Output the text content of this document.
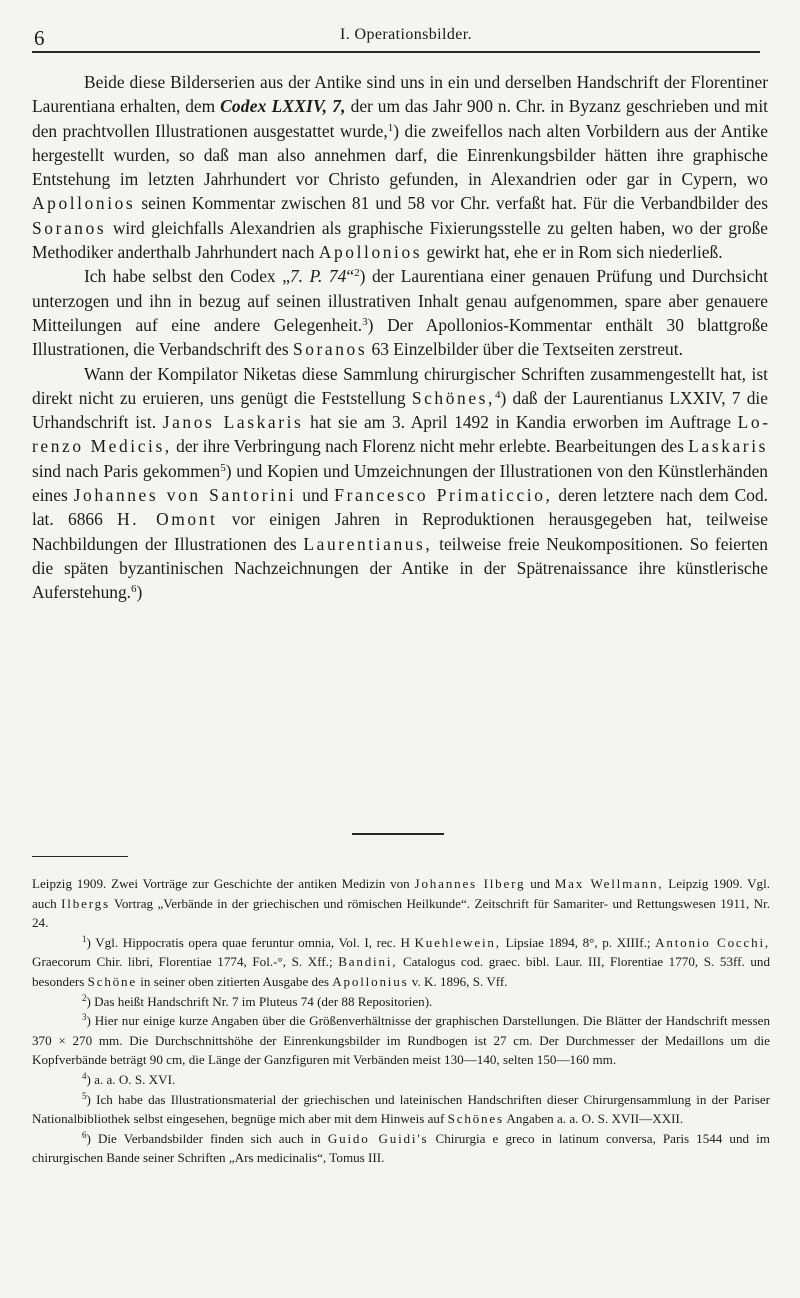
6	I. Operationsbilder.

Beide diese Bilderserien aus der Antike sind uns in ein und derselben Handschrift der Florentiner Laurentiana erhalten, dem Codex LXXIV, 7, der um das Jahr 900 n. Chr. in Byzanz geschrieben und mit den prachtvollen Illustrationen ausgestattet wurde,$^1$) die zweifellos nach alten Vorbildern aus der Antike hergestellt wurden, so daß man also annehmen darf, die Einrenkungsbilder hätten ihre graphische Entstehung im letzten Jahrhundert vor Christo gefunden, in Alexandrien oder gar in Cypern, wo Apollonios seinen Kommentar zwischen 81 und 58 vor Chr. verfaßt hat. Für die Verbandbilder des Soranos wird gleichfalls Alexandrien als graphische Fixierungsstelle zu gelten haben, wo der große Methodiker anderthalb Jahrhundert nach Apollonios gewirkt hat, ehe er in Rom sich niederließ.

Ich habe selbst den Codex „7. P. 74“$^2$) der Laurentiana einer genauen Prüfung und Durchsicht unterzogen und ihn in bezug auf seinen illustrativen Inhalt genau aufgenommen, spare aber genauere Mitteilungen auf eine andere Gelegenheit.$^3$) Der Apollonios-Kommentar enthält 30 blattgroße Illustrationen, die Verbandschrift des Soranos 63 Einzelbilder über die Textseiten zerstreut.

Wann der Kompilator Niketas diese Sammlung chirurgischer Schriften zusammengestellt hat, ist direkt nicht zu eruieren, uns genügt die Feststellung Schönes,$^4$) daß der Laurentianus LXXIV, 7 die Urhandschrift ist. Janos Laskaris hat sie am 3. April 1492 in Kandia erworben im Auftrage Lorenzo Medicis, der ihre Verbringung nach Florenz nicht mehr erlebte. Bearbeitungen des Laskaris sind nach Paris gekommen$^5$) und Kopien und Umzeichnungen der Illustrationen von den Künstlerhänden eines Johannes von Santorini und Francesco Primaticcio, deren letztere nach dem Cod. lat. 6866 H. Omont vor einigen Jahren in Reproduktionen herausgegeben hat, teilweise Nachbildungen der Illustrationen des Laurentianus, teilweise freie Neukompositionen. So feierten die späten byzantinischen Nachzeichnungen der Antike in der Spätrenaissance ihre künstlerische Auferstehung.$^6$)

Leipzig 1909. Zwei Vorträge zur Geschichte der antiken Medizin von Johannes Ilberg und Max Wellmann, Leipzig 1909. Vgl. auch Ilbergs Vortrag „Verbände in der griechischen und römischen Heilkunde“. Zeitschrift für Samariter- und Rettungswesen 1911, Nr. 24.

$^1$) Vgl. Hippocratis opera quae feruntur omnia, Vol. I, rec. H Kuehlewein, Lipsiae 1894, 8°, p. XIIIf.; Antonio Cocchi, Graecorum Chir. libri, Florentiae 1774, Fol.-°, S. Xff.; Bandini, Catalogus cod. graec. bibl. Laur. III, Florentiae 1770, S. 53ff. und besonders Schöne in seiner oben zitierten Ausgabe des Apollonius v. K. 1896, S. Vff.

$^2$) Das heißt Handschrift Nr. 7 im Pluteus 74 (der 88 Repositorien).

$^3$) Hier nur einige kurze Angaben über die Größenverhältnisse der graphischen Darstellungen. Die Blätter der Handschrift messen 370 × 270 mm. Die Durchschnittshöhe der Einrenkungsbilder im Rundbogen ist 27 cm. Der Durchmesser der Medaillons um die Kopfverbände beträgt 90 cm, die Länge der Ganzfiguren mit Verbänden meist 130—140, selten 150—160 mm.

$^4$) a. a. O. S. XVI.

$^5$) Ich habe das Illustrationsmaterial der griechischen und lateinischen Handschriften dieser Chirurgensammlung in der Pariser Nationalbibliothek selbst eingesehen, begnüge mich aber mit dem Hinweis auf Schönes Angaben a. a. O. S. XVII—XXII.

$^6$) Die Verbandsbilder finden sich auch in Guido Guidi's Chirurgia e greco in latinum conversa, Paris 1544 und im chirurgischen Bande seiner Schriften „Ars medicinalis“, Tomus III.
